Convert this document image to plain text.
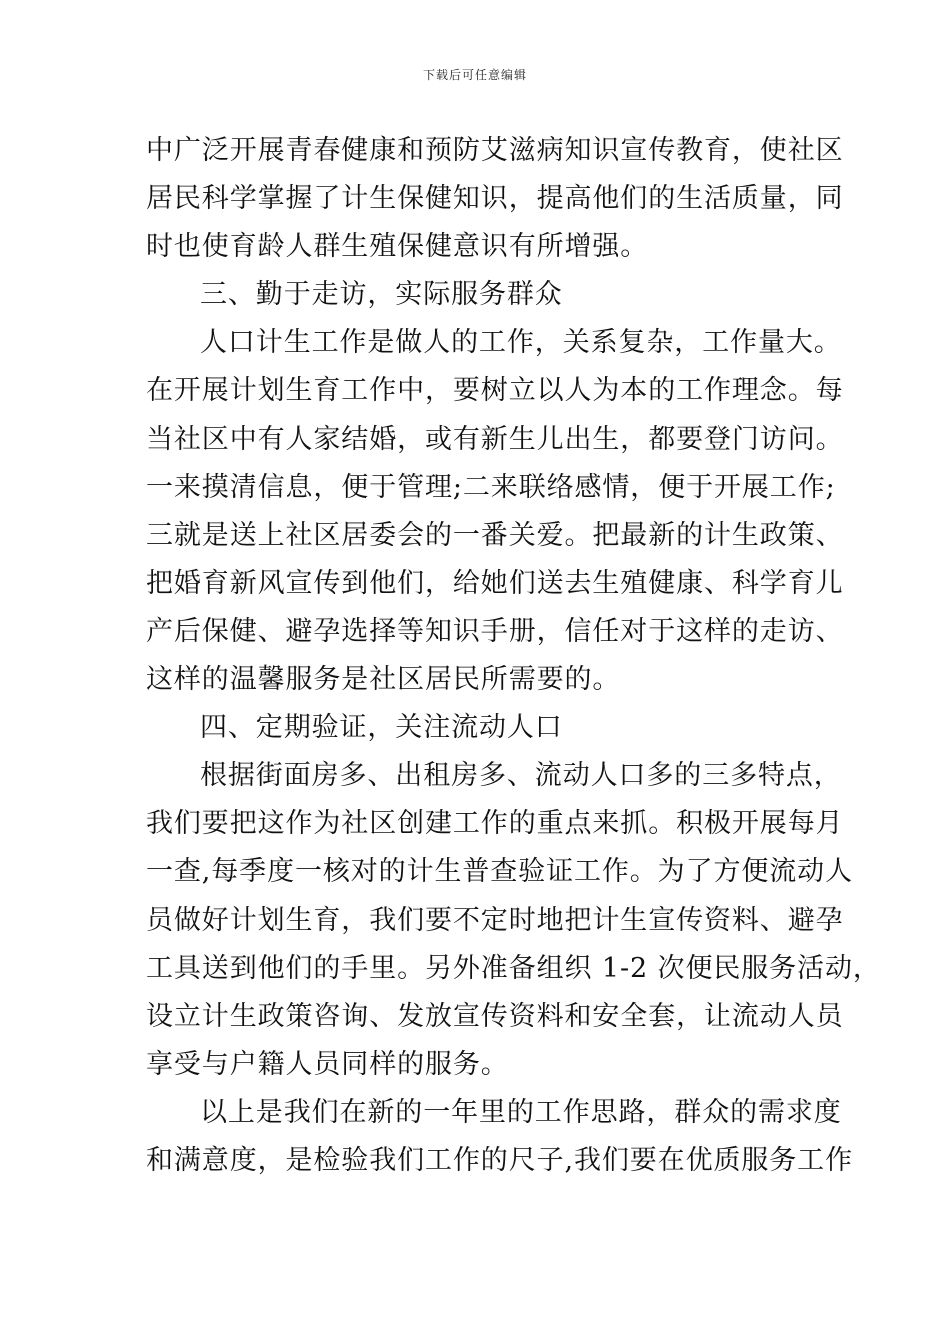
下载后可任意编辑
中广泛开展青春健康和预防艾滋病知识宣传教育，使社区
居民科学掌握了计生保健知识，提高他们的生活质量，同
时也使育龄人群生殖保健意识有所增强。
三、勤于走访，实际服务群众
人口计生工作是做人的工作，关系复杂，工作量大。
在开展计划生育工作中，要树立以人为本的工作理念。每
当社区中有人家结婚，或有新生儿出生，都要登门访问。
一来摸清信息，便于管理;二来联络感情，便于开展工作;
三就是送上社区居委会的一番关爱。把最新的计生政策、
把婚育新风宣传到他们，给她们送去生殖健康、科学育儿
产后保健、避孕选择等知识手册，信任对于这样的走访、
这样的温馨服务是社区居民所需要的。
四、定期验证，关注流动人口
根据街面房多、出租房多、流动人口多的三多特点，
我们要把这作为社区创建工作的重点来抓。积极开展每月
一查,每季度一核对的计生普查验证工作。为了方便流动人
员做好计划生育，我们要不定时地把计生宣传资料、避孕
工具送到他们的手里。另外准备组织 1-2 次便民服务活动，
设立计生政策咨询、发放宣传资料和安全套，让流动人员
享受与户籍人员同样的服务。
以上是我们在新的一年里的工作思路，群众的需求度
和满意度，是检验我们工作的尺子,我们要在优质服务工作
